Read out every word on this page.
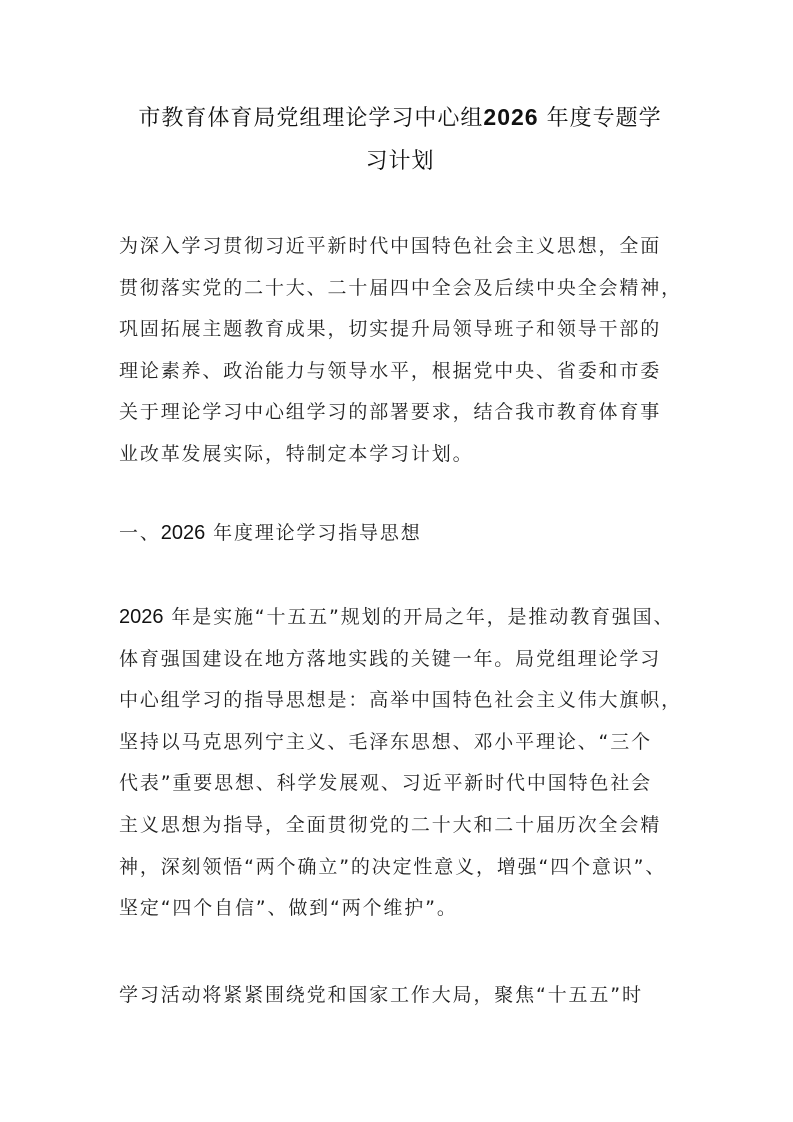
市教育体育局党组理论学习中心组2026 年度专题学
习计划
为深入学习贯彻习近平新时代中国特色社会主义思想，全面
贯彻落实党的二十大、二十届四中全会及后续中央全会精神，
巩固拓展主题教育成果，切实提升局领导班子和领导干部的
理论素养、政治能力与领导水平，根据党中央、省委和市委
关于理论学习中心组学习的部署要求，结合我市教育体育事
业改革发展实际，特制定本学习计划。
一、2026 年度理论学习指导思想
2026 年是实施“十五五”规划的开局之年，是推动教育强国、
体育强国建设在地方落地实践的关键一年。局党组理论学习
中心组学习的指导思想是：高举中国特色社会主义伟大旗帜，
坚持以马克思列宁主义、毛泽东思想、邓小平理论、“三个
代表”重要思想、科学发展观、习近平新时代中国特色社会
主义思想为指导，全面贯彻党的二十大和二十届历次全会精
神，深刻领悟“两个确立”的决定性意义，增强“四个意识”、
坚定“四个自信”、做到“两个维护”。
学习活动将紧紧围绕党和国家工作大局，聚焦“十五五”时
